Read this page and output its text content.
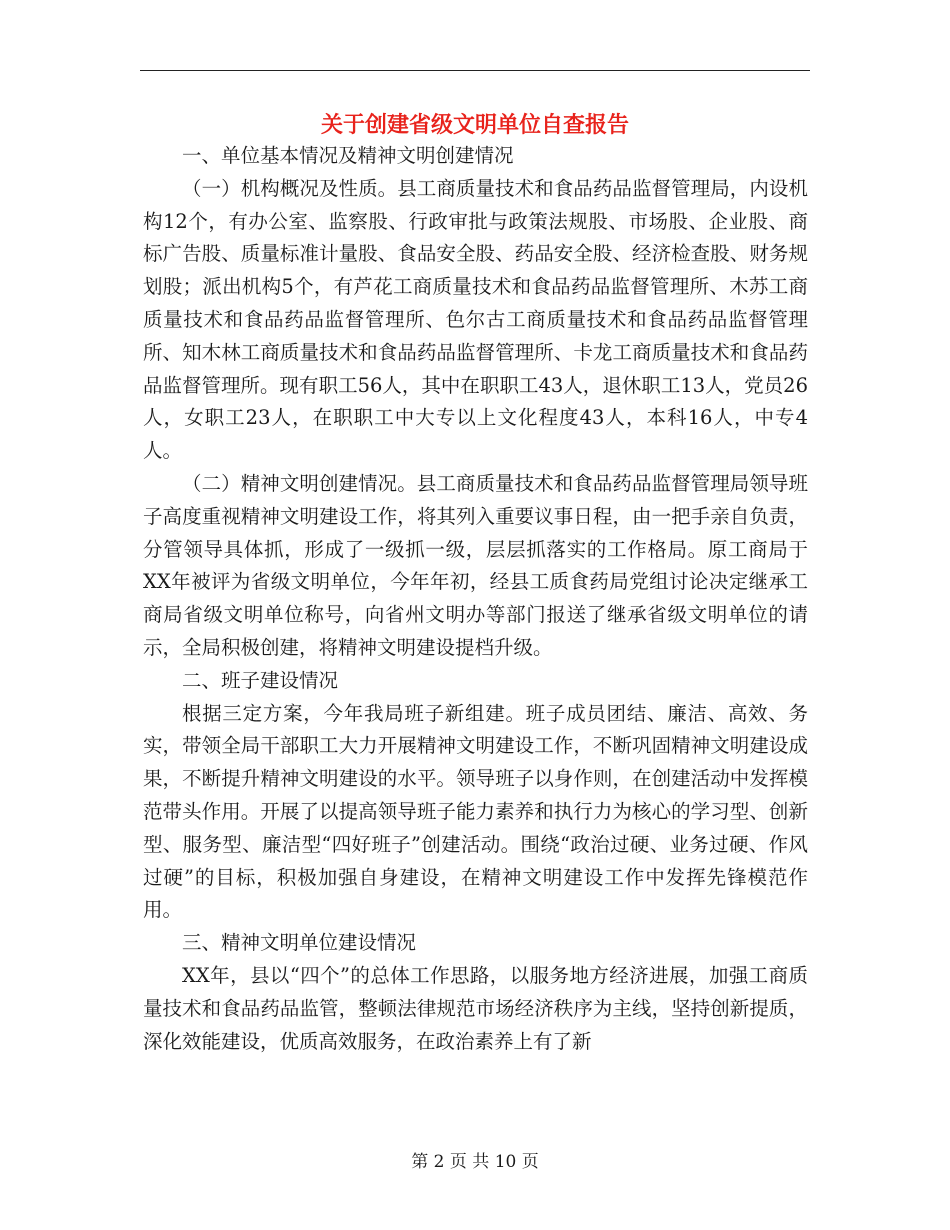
关于创建省级文明单位自查报告

一、单位基本情况及精神文明创建情况

（一）机构概况及性质。县工商质量技术和食品药品监督管理局，内设机构12个，有办公室、监察股、行政审批与政策法规股、市场股、企业股、商标广告股、质量标准计量股、食品安全股、药品安全股、经济检查股、财务规划股；派出机构5个，有芦花工商质量技术和食品药品监督管理所、木苏工商质量技术和食品药品监督管理所、色尔古工商质量技术和食品药品监督管理所、知木林工商质量技术和食品药品监督管理所、卡龙工商质量技术和食品药品监督管理所。现有职工56人，其中在职职工43人，退休职工13人，党员26人，女职工23人，在职职工中大专以上文化程度43人，本科16人，中专4人。

（二）精神文明创建情况。县工商质量技术和食品药品监督管理局领导班子高度重视精神文明建设工作，将其列入重要议事日程，由一把手亲自负责，分管领导具体抓，形成了一级抓一级，层层抓落实的工作格局。原工商局于XX年被评为省级文明单位，今年年初，经县工质食药局党组讨论决定继承工商局省级文明单位称号，向省州文明办等部门报送了继承省级文明单位的请示，全局积极创建，将精神文明建设提档升级。

二、班子建设情况

根据三定方案，今年我局班子新组建。班子成员团结、廉洁、高效、务实，带领全局干部职工大力开展精神文明建设工作，不断巩固精神文明建设成果，不断提升精神文明建设的水平。领导班子以身作则，在创建活动中发挥模范带头作用。开展了以提高领导班子能力素养和执行力为核心的学习型、创新型、服务型、廉洁型“四好班子”创建活动。围绕“政治过硬、业务过硬、作风过硬”的目标，积极加强自身建设，在精神文明建设工作中发挥先锋模范作用。

三、精神文明单位建设情况

XX年，县以“四个”的总体工作思路，以服务地方经济进展，加强工商质量技术和食品药品监管，整顿法律规范市场经济秩序为主线，坚持创新提质，深化效能建设，优质高效服务，在政治素养上有了新

第 2 页 共 10 页
